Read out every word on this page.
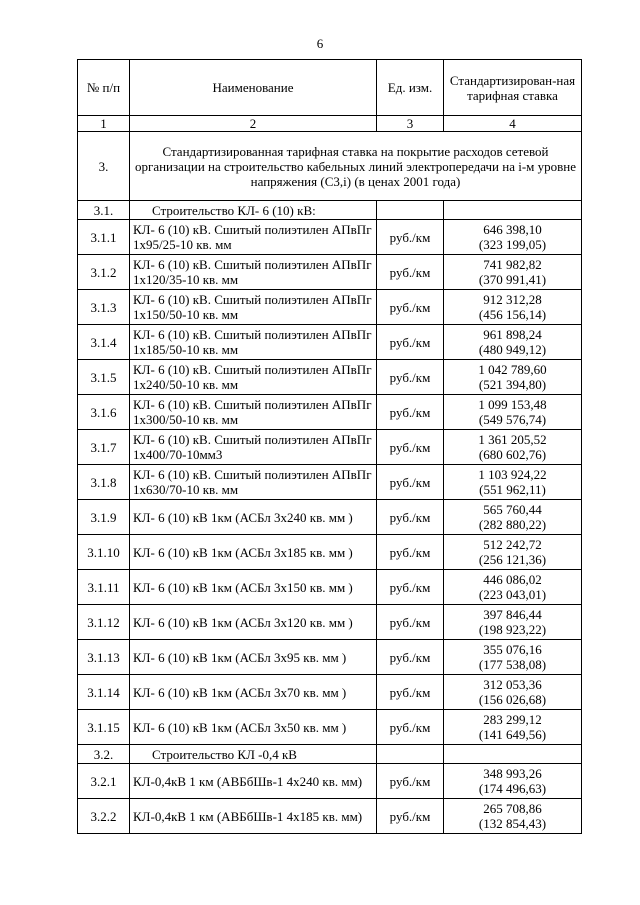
6
№ п/п	Наименование	Ед. изм.	Стандартизирован-ная тарифная ставка
1	2	3	4
3.	Стандартизированная тарифная ставка на покрытие расходов сетевой организации на строительство кабельных линий электропередачи на i-м уровне напряжения (С3,i) (в ценах 2001 года)		
3.1.	Строительство КЛ- 6 (10) кВ:		
3.1.1	КЛ- 6 (10) кВ. Сшитый полиэтилен АПвПг 1х95/25-10 кв. мм	руб./км	646 398,10
(323 199,05)

3.1.2	КЛ- 6 (10) кВ. Сшитый полиэтилен АПвПг 1х120/35-10 кв. мм	руб./км	741 982,82
(370 991,41)

3.1.3	КЛ- 6 (10) кВ. Сшитый полиэтилен АПвПг 1х150/50-10 кв. мм	руб./км	912 312,28
(456 156,14)

3.1.4	КЛ- 6 (10) кВ. Сшитый полиэтилен АПвПг 1х185/50-10 кв. мм	руб./км	961 898,24
(480 949,12)

3.1.5	КЛ- 6 (10) кВ. Сшитый полиэтилен АПвПг 1х240/50-10 кв. мм	руб./км	1 042 789,60
(521 394,80)

3.1.6	КЛ- 6 (10) кВ. Сшитый полиэтилен АПвПг 1х300/50-10 кв. мм	руб./км	1 099 153,48
(549 576,74)

3.1.7	КЛ- 6 (10) кВ. Сшитый полиэтилен АПвПг 1х400/70-10мм3	руб./км	1 361 205,52
(680 602,76)

3.1.8	КЛ- 6 (10) кВ. Сшитый полиэтилен АПвПг 1х630/70-10 кв. мм	руб./км	1 103 924,22
(551 962,11)

3.1.9	КЛ- 6 (10) кВ 1км (АСБл 3х240 кв. мм )	руб./км	565 760,44
(282 880,22)

3.1.10	КЛ- 6 (10) кВ 1км (АСБл 3х185 кв. мм )	руб./км	512 242,72
(256 121,36)

3.1.11	КЛ- 6 (10) кВ 1км (АСБл 3х150 кв. мм )	руб./км	446 086,02
(223 043,01)

3.1.12	КЛ- 6 (10) кВ 1км (АСБл 3х120 кв. мм )	руб./км	397 846,44
(198 923,22)

3.1.13	КЛ- 6 (10) кВ 1км (АСБл 3х95 кв. мм )	руб./км	355 076,16
(177 538,08)

3.1.14	КЛ- 6 (10) кВ 1км (АСБл 3х70 кв. мм )	руб./км	312 053,36
(156 026,68)

3.1.15	КЛ- 6 (10) кВ 1км (АСБл 3х50 кв. мм )	руб./км	283 299,12
(141 649,56)

3.2.	Строительство КЛ -0,4 кВ		
3.2.1	КЛ-0,4кВ 1 км (АВБбШв-1 4х240 кв. мм)	руб./км	348 993,26
(174 496,63)

3.2.2	КЛ-0,4кВ 1 км (АВБбШв-1 4х185 кв. мм)	руб./км	265 708,86
(132 854,43)
